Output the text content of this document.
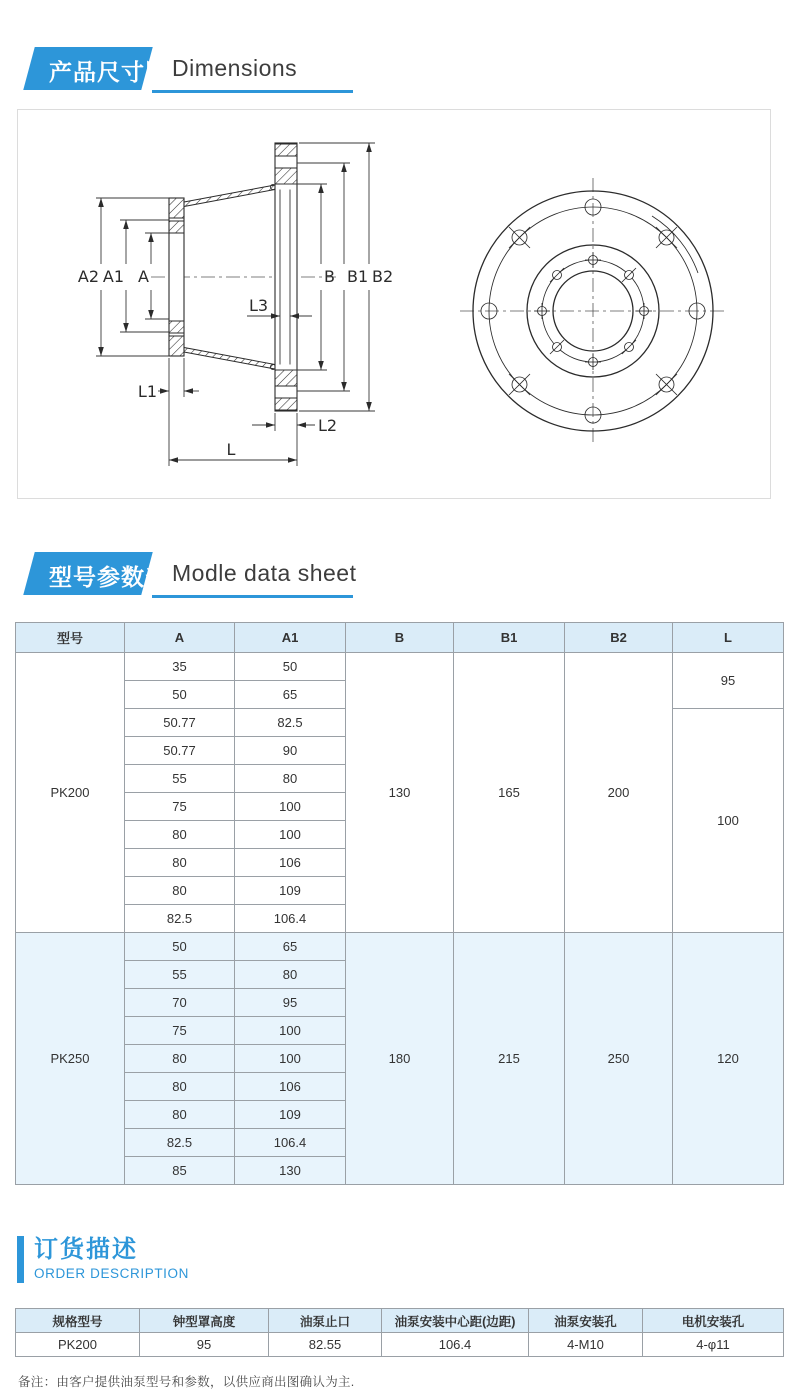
产品尺寸图 Dimensions
A2 A1 A	B B1 B2
L3
L1
L2
L
型号参数表 Modle data sheet
型号	A	A1	B	B1	B2	L
PK200	35	50	130	165	200	95
	50	65				
	50.77	82.5				100
	50.77	90				
	55	80				
	75	100				
	80	100				
	80	106				
	80	109				
	82.5	106.4				
PK250	50	65	180	215	250	120
	55	80				
	70	95				
	75	100				
	80	100				
	80	106				
	80	109				
	82.5	106.4				
	85	130				
订货描述
ORDER DESCRIPTION
规格型号	钟型罩高度	油泵止口	油泵安装中心距(边距)	油泵安装孔	电机安装孔
PK200	95	82.55	106.4	4-M10	4-φ11
备注：由客户提供油泵型号和参数，以供应商出图确认为主.
